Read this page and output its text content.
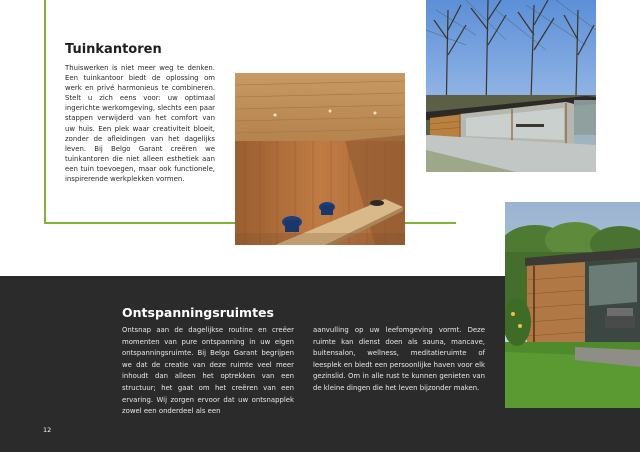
Tuinkantoren

Thuiswerken is niet meer weg te denken. Een tuinkantoor biedt de oplossing om werk en privé harmonieus te combineren. Stelt u zich eens voor: uw optimaal ingerichte werkomgeving, slechts een paar stappen verwijderd van het comfort van uw huis. Een plek waar creativiteit bloeit, zonder de afleidingen van het dagelijks leven. Bij Belgo Garant creëren we tuinkantoren die niet alleen esthetiek aan een tuin toevoegen, maar ook functionele, inspirerende werkplekken vormen.

Ontspanningsruimtes

Ontsnap aan de dagelijkse routine en creëer momenten van pure ontspanning in uw eigen ontspanningsruimte. Bij Belgo Garant begrijpen we dat de creatie van deze ruimte veel meer inhoudt dan alleen het optrekken van een structuur; het gaat om het creëren van een ervaring. Wij zorgen ervoor dat uw ontsnapplek zowel een onderdeel als een

aanvulling op uw leefomgeving vormt. Deze ruimte kan dienst doen als sauna, mancave, buitensalon, wellness, meditatieruimte of leesplek en biedt een persoonlijke haven voor elk gezinslid. Om in alle rust te kunnen genieten van de kleine dingen die het leven bijzonder maken.

12
